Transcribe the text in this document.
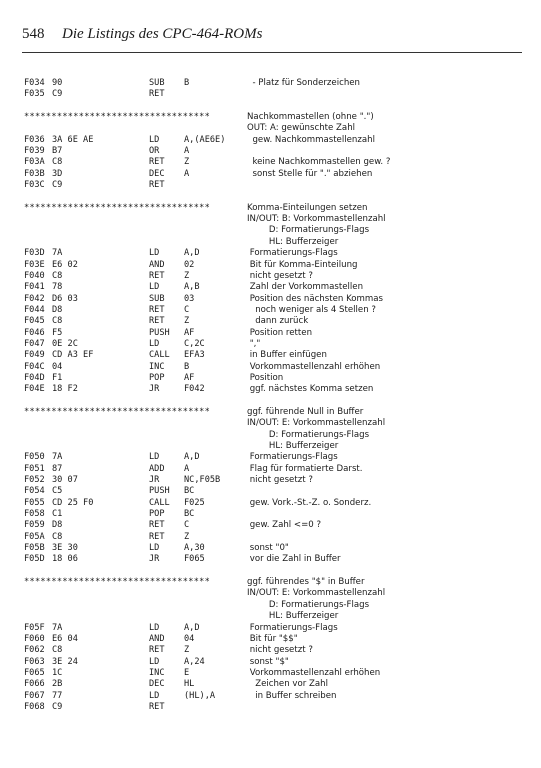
548 Die Listings des CPC-464-ROMs
F034 90	SUB B	- Platz für Sonderzeichen
F035 C9	RET
**********************************	Nachkommastellen (ohne ".")
OUT: A: gewünschte Zahl
F036 3A 6E AE	LD	A,(AE6E)	gew. Nachkommastellenzahl
F039 B7	OR	A
F03A C8	RET Z	keine Nachkommastellen gew. ?
F03B 3D	DEC A	sonst Stelle für "." abziehen
F03C C9	RET
**********************************	Komma-Einteilungen setzen
IN/OUT: B: Vorkommastellenzahl
D: Formatierungs-Flags
HL: Bufferzeiger
F03D 7A	LD	A,D	Formatierungs-Flags
F03E E6 02	AND 02	Bit für Komma-Einteilung
F040 C8	RET Z	nicht gesetzt ?
F041 78	LD	A,B	Zahl der Vorkommastellen
F042 D6 03	SUB 03	Position des nächsten Kommas
F044 D8	RET C	noch weniger als 4 Stellen ?
F045 C8	RET Z	dann zurück
F046 F5	PUSH AF	Position retten
F047 0E 2C	LD	C,2C	","
F049 CD A3 EF	CALL EFA3	in Buffer einfügen
F04C 04	INC B	Vorkommastellenzahl erhöhen
F04D F1	POP AF	Position
F04E 18 F2	JR	F042	ggf. nächstes Komma setzen
**********************************	ggf. führende Null in Buffer
IN/OUT: E: Vorkommastellenzahl
D: Formatierungs-Flags
HL: Bufferzeiger
F050 7A	LD	A,D	Formatierungs-Flags
F051 87	ADD A	Flag für formatierte Darst.
F052 30 07	JR	NC,F05B	nicht gesetzt ?
F054 C5	PUSH BC
F055 CD 25 F0	CALL F025	gew. Vork.-St.-Z. o. Sonderz.
F058 C1	POP BC
F059 D8	RET C	gew. Zahl <=0 ?
F05A C8	RET Z
F05B 3E 30	LD	A,30	sonst "0"
F05D 18 06	JR	F065	vor die Zahl in Buffer
**********************************	ggf. führendes "$" in Buffer
IN/OUT: E: Vorkommastellenzahl
D: Formatierungs-Flags
HL: Bufferzeiger
F05F 7A	LD	A,D	Formatierungs-Flags
F060 E6 04	AND 04	Bit für "$$"
F062 C8	RET Z	nicht gesetzt ?
F063 3E 24	LD	A,24	sonst "$"
F065 1C	INC E	Vorkommastellenzahl erhöhen
F066 2B	DEC HL	Zeichen vor Zahl
F067 77	LD	(HL),A	in Buffer schreiben
F068 C9	RET
